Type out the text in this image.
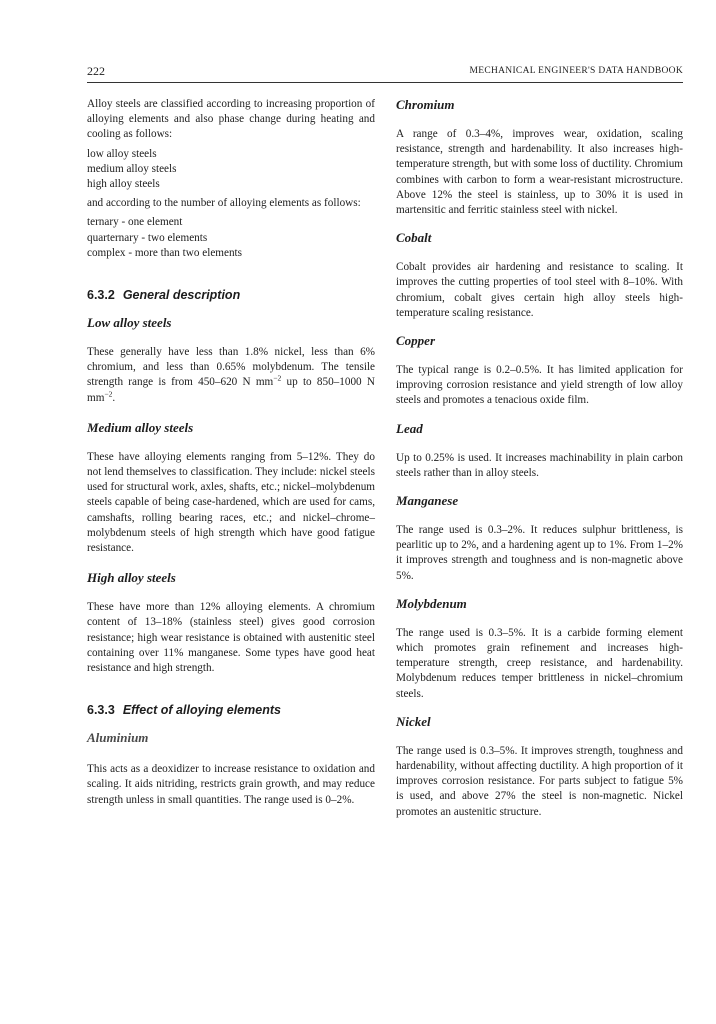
222	MECHANICAL ENGINEER'S DATA HANDBOOK

Alloy steels are classified according to increasing proportion of alloying elements and also phase change during heating and cooling as follows:

low alloy steels

medium alloy steels

high alloy steels

and according to the number of alloying elements as follows:

ternary - one element

quarternary - two elements

complex - more than two elements

6.3.2 General description
Low alloy steels

These generally have less than 1.8% nickel, less than 6% chromium, and less than 0.65% molybdenum. The tensile strength range is from 450–620 N $mm^{-2}$ up to 850–1000 N $mm^{-2}$.

Medium alloy steels

These have alloying elements ranging from 5–12%. They do not lend themselves to classification. They include: nickel steels used for structural work, axles, shafts, etc.; nickel–molybdenum steels capable of being case-hardened, which are used for cams, camshafts, rolling bearing races, etc.; and nickel–chrome–molybdenum steels of high strength which have good fatigue resistance.

High alloy steels

These have more than 12% alloying elements. A chromium content of 13–18% (stainless steel) gives good corrosion resistance; high wear resistance is obtained with austenitic steel containing over 11% manganese. Some types have good heat resistance and high strength.

6.3.3 Effect of alloying elements
Aluminium

This acts as a deoxidizer to increase resistance to oxidation and scaling. It aids nitriding, restricts grain growth, and may reduce strength unless in small quantities. The range used is 0–2%.

Chromium

A range of 0.3–4%, improves wear, oxidation, scaling resistance, strength and hardenability. It also increases high-temperature strength, but with some loss of ductility. Chromium combines with carbon to form a wear-resistant microstructure. Above 12% the steel is stainless, up to 30% it is used in martensitic and ferritic stainless steel with nickel.

Cobalt

Cobalt provides air hardening and resistance to scaling. It improves the cutting properties of tool steel with 8–10%. With chromium, cobalt gives certain high alloy steels high-temperature scaling resistance.

Copper

The typical range is 0.2–0.5%. It has limited application for improving corrosion resistance and yield strength of low alloy steels and promotes a tenacious oxide film.

Lead

Up to 0.25% is used. It increases machinability in plain carbon steels rather than in alloy steels.

Manganese

The range used is 0.3–2%. It reduces sulphur brittleness, is pearlitic up to 2%, and a hardening agent up to 1%. From 1–2% it improves strength and toughness and is non-magnetic above 5%.

Molybdenum

The range used is 0.3–5%. It is a carbide forming element which promotes grain refinement and increases high-temperature strength, creep resistance, and hardenability. Molybdenum reduces temper brittleness in nickel–chromium steels.

Nickel

The range used is 0.3–5%. It improves strength, toughness and hardenability, without affecting ductility. A high proportion of it improves corrosion resistance. For parts subject to fatigue 5% is used, and above 27% the steel is non-magnetic. Nickel promotes an austenitic structure.
